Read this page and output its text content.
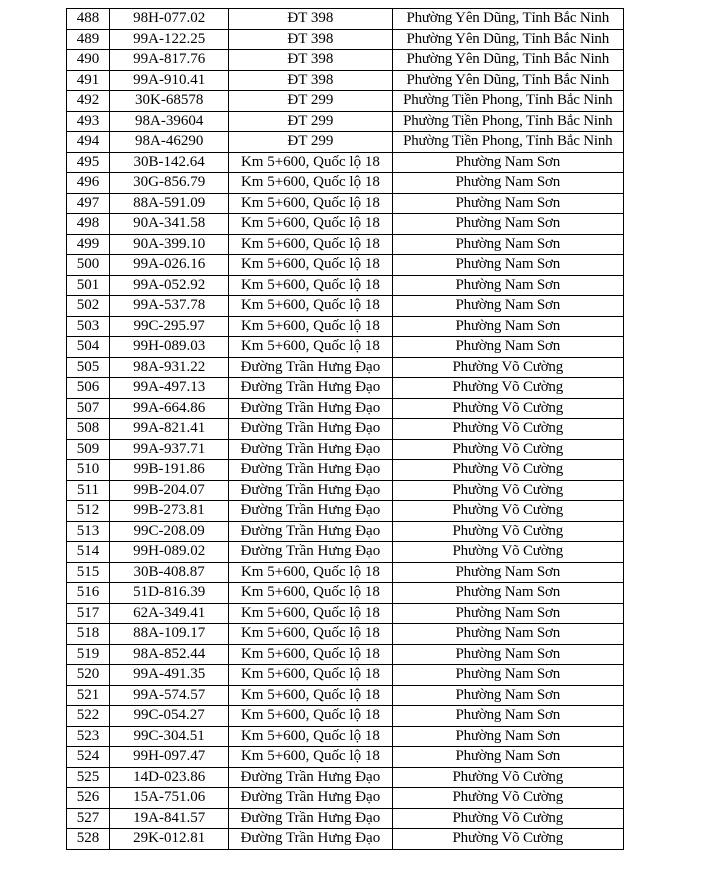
488	98H-077.02	ĐT 398	Phường Yên Dũng, Tỉnh Bắc Ninh
489	99A-122.25	ĐT 398	Phường Yên Dũng, Tỉnh Bắc Ninh
490	99A-817.76	ĐT 398	Phường Yên Dũng, Tỉnh Bắc Ninh
491	99A-910.41	ĐT 398	Phường Yên Dũng, Tỉnh Bắc Ninh
492	30K-68578	ĐT 299	Phường Tiền Phong, Tỉnh Bắc Ninh
493	98A-39604	ĐT 299	Phường Tiền Phong, Tỉnh Bắc Ninh
494	98A-46290	ĐT 299	Phường Tiền Phong, Tỉnh Bắc Ninh
495	30B-142.64	Km 5+600, Quốc lộ 18	Phường Nam Sơn
496	30G-856.79	Km 5+600, Quốc lộ 18	Phường Nam Sơn
497	88A-591.09	Km 5+600, Quốc lộ 18	Phường Nam Sơn
498	90A-341.58	Km 5+600, Quốc lộ 18	Phường Nam Sơn
499	90A-399.10	Km 5+600, Quốc lộ 18	Phường Nam Sơn
500	99A-026.16	Km 5+600, Quốc lộ 18	Phường Nam Sơn
501	99A-052.92	Km 5+600, Quốc lộ 18	Phường Nam Sơn
502	99A-537.78	Km 5+600, Quốc lộ 18	Phường Nam Sơn
503	99C-295.97	Km 5+600, Quốc lộ 18	Phường Nam Sơn
504	99H-089.03	Km 5+600, Quốc lộ 18	Phường Nam Sơn
505	98A-931.22	Đường Trần Hưng Đạo	Phường Võ Cường
506	99A-497.13	Đường Trần Hưng Đạo	Phường Võ Cường
507	99A-664.86	Đường Trần Hưng Đạo	Phường Võ Cường
508	99A-821.41	Đường Trần Hưng Đạo	Phường Võ Cường
509	99A-937.71	Đường Trần Hưng Đạo	Phường Võ Cường
510	99B-191.86	Đường Trần Hưng Đạo	Phường Võ Cường
511	99B-204.07	Đường Trần Hưng Đạo	Phường Võ Cường
512	99B-273.81	Đường Trần Hưng Đạo	Phường Võ Cường
513	99C-208.09	Đường Trần Hưng Đạo	Phường Võ Cường
514	99H-089.02	Đường Trần Hưng Đạo	Phường Võ Cường
515	30B-408.87	Km 5+600, Quốc lộ 18	Phường Nam Sơn
516	51D-816.39	Km 5+600, Quốc lộ 18	Phường Nam Sơn
517	62A-349.41	Km 5+600, Quốc lộ 18	Phường Nam Sơn
518	88A-109.17	Km 5+600, Quốc lộ 18	Phường Nam Sơn
519	98A-852.44	Km 5+600, Quốc lộ 18	Phường Nam Sơn
520	99A-491.35	Km 5+600, Quốc lộ 18	Phường Nam Sơn
521	99A-574.57	Km 5+600, Quốc lộ 18	Phường Nam Sơn
522	99C-054.27	Km 5+600, Quốc lộ 18	Phường Nam Sơn
523	99C-304.51	Km 5+600, Quốc lộ 18	Phường Nam Sơn
524	99H-097.47	Km 5+600, Quốc lộ 18	Phường Nam Sơn
525	14D-023.86	Đường Trần Hưng Đạo	Phường Võ Cường
526	15A-751.06	Đường Trần Hưng Đạo	Phường Võ Cường
527	19A-841.57	Đường Trần Hưng Đạo	Phường Võ Cường
528	29K-012.81	Đường Trần Hưng Đạo	Phường Võ Cường
